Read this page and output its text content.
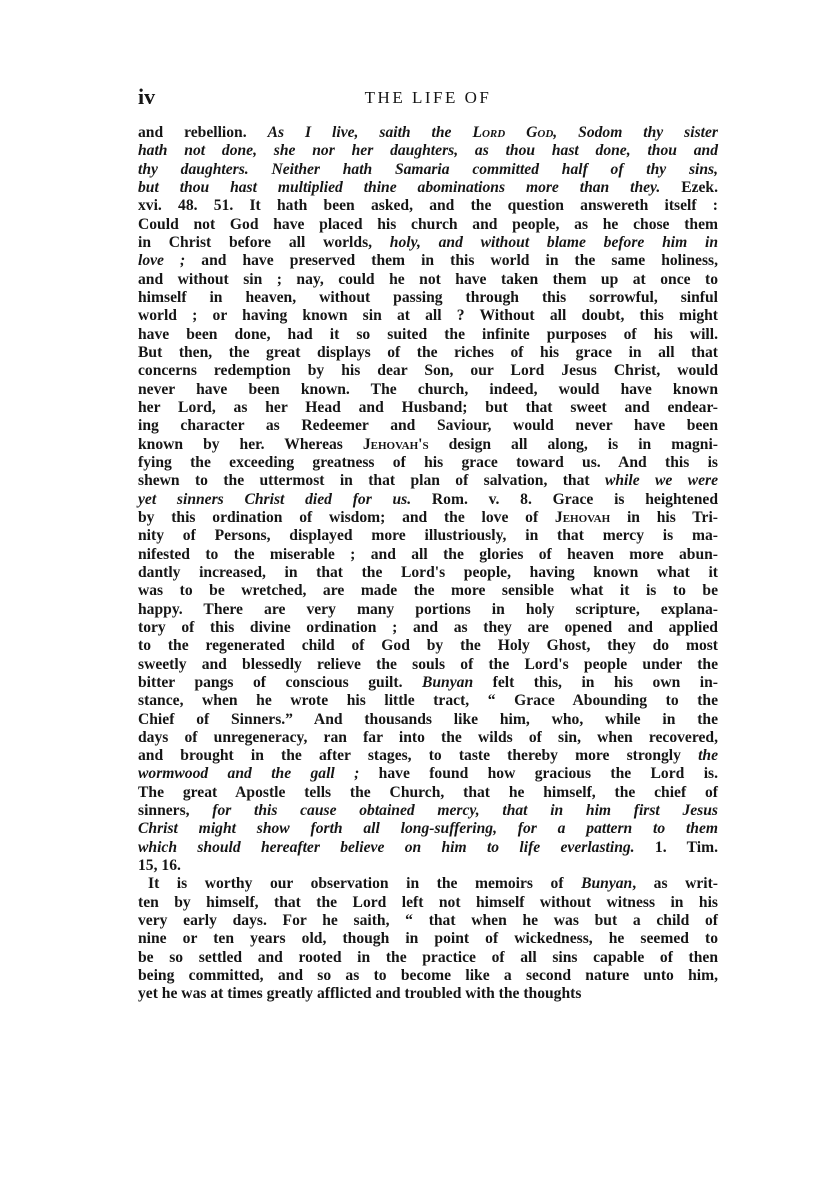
iv	THE LIFE OF
and rebellion. As I live, saith the Lord God, Sodom thy sister
hath not done, she nor her daughters, as thou hast done, thou and
thy daughters. Neither hath Samaria committed half of thy sins,
but thou hast multiplied thine abominations more than they. Ezek.
xvi. 48. 51. It hath been asked, and the question answereth itself :
Could not God have placed his church and people, as he chose them
in Christ before all worlds, holy, and without blame before him in
love ; and have preserved them in this world in the same holiness,
and without sin ; nay, could he not have taken them up at once to
himself in heaven, without passing through this sorrowful, sinful
world ; or having known sin at all ? Without all doubt, this might
have been done, had it so suited the infinite purposes of his will.
But then, the great displays of the riches of his grace in all that
concerns redemption by his dear Son, our Lord Jesus Christ, would
never have been known. The church, indeed, would have known
her Lord, as her Head and Husband; but that sweet and endear-
ing character as Redeemer and Saviour, would never have been
known by her. Whereas Jehovah's design all along, is in magni-
fying the exceeding greatness of his grace toward us. And this is
shewn to the uttermost in that plan of salvation, that while we were
yet sinners Christ died for us. Rom. v. 8. Grace is heightened
by this ordination of wisdom; and the love of Jehovah in his Tri-
nity of Persons, displayed more illustriously, in that mercy is ma-
nifested to the miserable ; and all the glories of heaven more abun-
dantly increased, in that the Lord's people, having known what it
was to be wretched, are made the more sensible what it is to be
happy. There are very many portions in holy scripture, explana-
tory of this divine ordination ; and as they are opened and applied
to the regenerated child of God by the Holy Ghost, they do most
sweetly and blessedly relieve the souls of the Lord's people under the
bitter pangs of conscious guilt. Bunyan felt this, in his own in-
stance, when he wrote his little tract, “ Grace Abounding to the
Chief of Sinners.” And thousands like him, who, while in the
days of unregeneracy, ran far into the wilds of sin, when recovered,
and brought in the after stages, to taste thereby more strongly the
wormwood and the gall ; have found how gracious the Lord is.
The great Apostle tells the Church, that he himself, the chief of
sinners, for this cause obtained mercy, that in him first Jesus
Christ might show forth all long-suffering, for a pattern to them
which should hereafter believe on him to life everlasting. 1. Tim.
15, 16.
It is worthy our observation in the memoirs of Bunyan, as writ-
ten by himself, that the Lord left not himself without witness in his
very early days. For he saith, “ that when he was but a child of
nine or ten years old, though in point of wickedness, he seemed to
be so settled and rooted in the practice of all sins capable of then
being committed, and so as to become like a second nature unto him,
yet he was at times greatly afflicted and troubled with the thoughts
